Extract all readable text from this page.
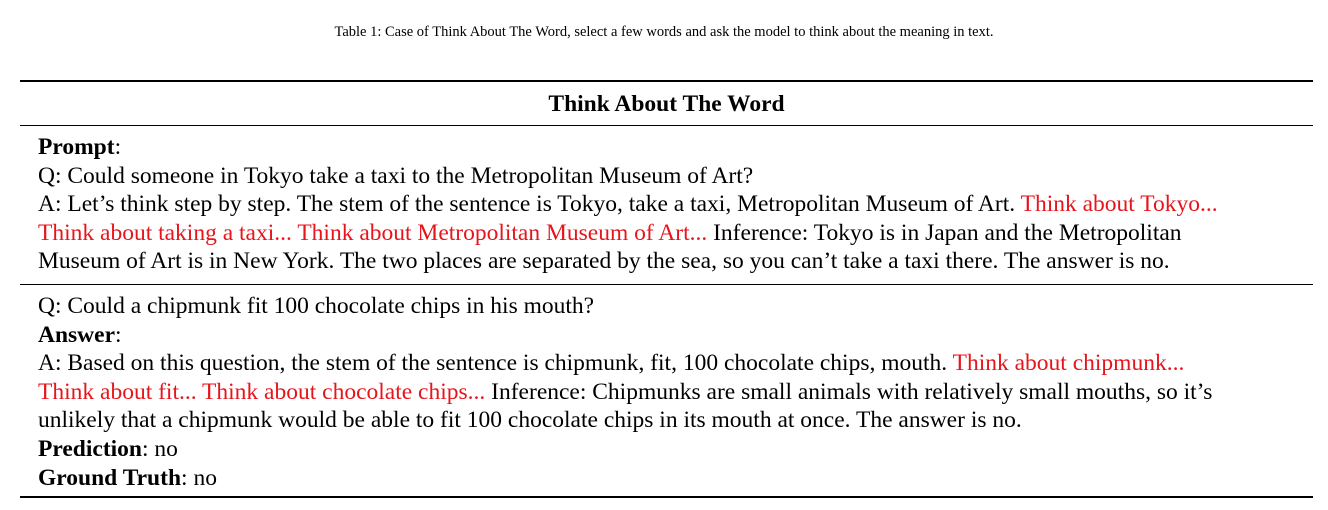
Table 1: Case of Think About The Word, select a few words and ask the model to think about the meaning in text.
Think About The Word
Prompt:
Q: Could someone in Tokyo take a taxi to the Metropolitan Museum of Art?
A: Let’s think step by step. The stem of the sentence is Tokyo, take a taxi, Metropolitan Museum of Art. Think about Tokyo...
Think about taking a taxi... Think about Metropolitan Museum of Art... Inference: Tokyo is in Japan and the Metropolitan
Museum of Art is in New York. The two places are separated by the sea, so you can’t take a taxi there. The answer is no.
Q: Could a chipmunk fit 100 chocolate chips in his mouth?
Answer:
A: Based on this question, the stem of the sentence is chipmunk, fit, 100 chocolate chips, mouth. Think about chipmunk...
Think about fit... Think about chocolate chips... Inference: Chipmunks are small animals with relatively small mouths, so it’s
unlikely that a chipmunk would be able to fit 100 chocolate chips in its mouth at once. The answer is no.
Prediction: no
Ground Truth: no
